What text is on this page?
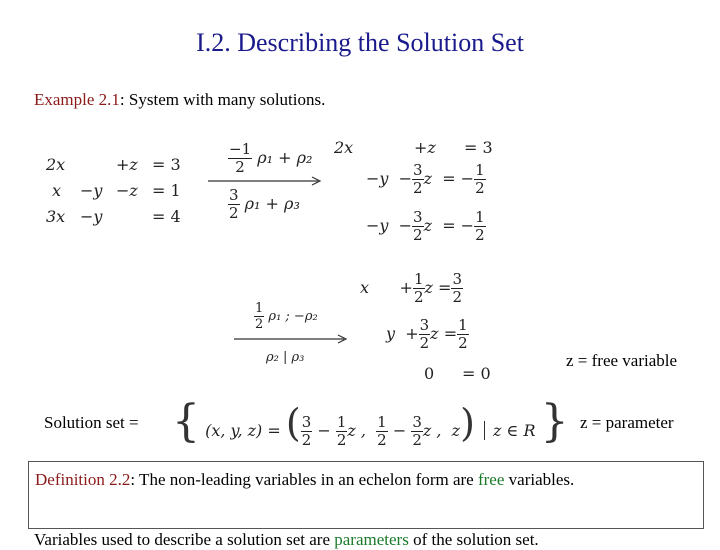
I.2. Describing the Solution Set
Example 2.1: System with many solutions.
2x	+z = 3
x −y −z = 1
3x −y	= 4
$\frac{-1}{2} \rho_1 + \rho_2$
$\frac{3}{2} \rho_1 + \rho_3$
2x	+z = 3
$-y - \frac{3}{2}$ z = − $\frac{1}{2}$
$-y - \frac{3}{2}$ z = − $\frac{1}{2}$
$\frac{1}{2} \rho_1$ ; −ρ₂
ρ₂ | ρ₃
$x + \frac{1}{2}$ $z = \frac{3}{2}$
$y + \frac{3}{2}$ $z = \frac{1}{2}$
0 = 0
z = free variable
Solution set = { (x, y, z) = ( $\frac{3}{2} - \frac{1}{2}$ z , $\frac{1}{2} - \frac{3}{2}$ z ,  z) z ∈ R } z = parameter
Definition 2.2: The non-leading variables in an echelon form are free variables.
Variables used to describe a solution set are parameters of the solution set.
